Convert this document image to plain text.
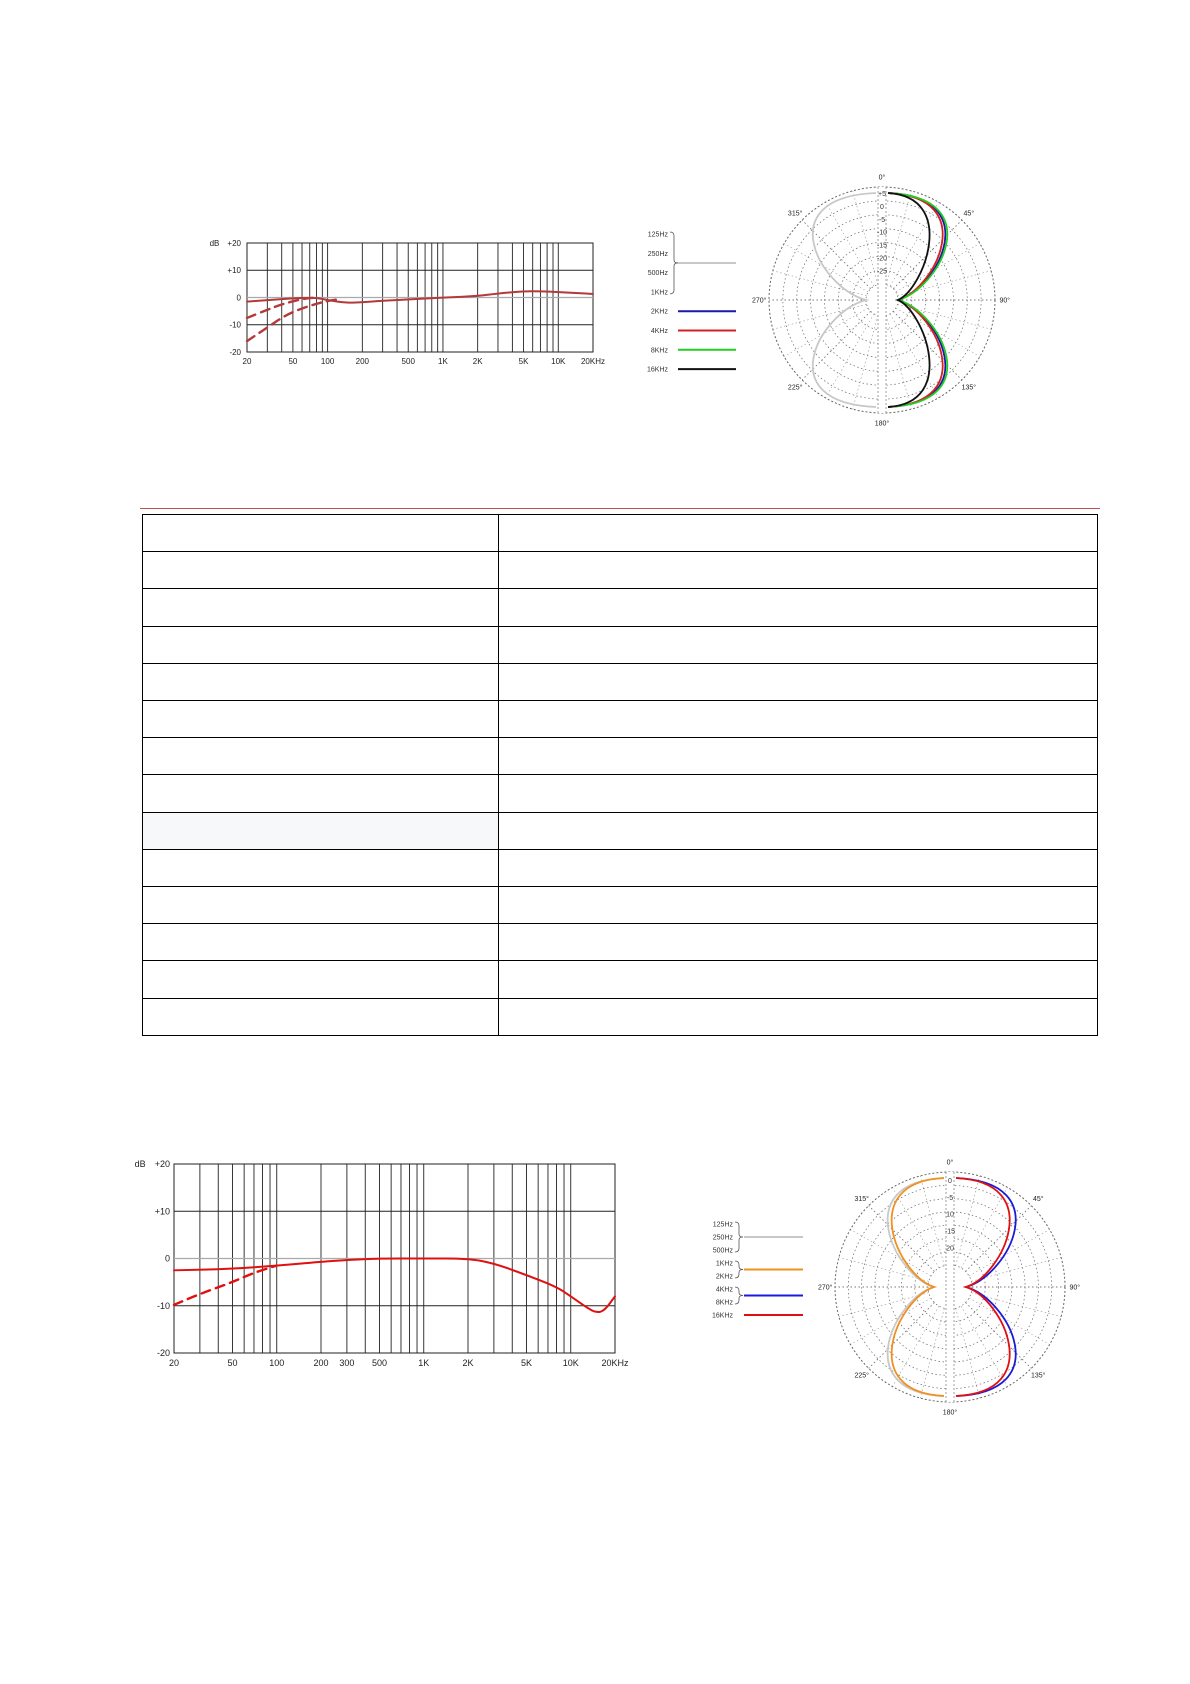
+20
+10
0
-10
-20
dB
20	50	100	200	500	1K	2K	5K	10K 20KHz
0°
45°
90°
135°
180°
225°
270°
315°
+5
0
-5
-10
-15
-20
-25
125Hz
250Hz
500Hz
1KHz
2KHz
4KHz
8KHz
16KHz

+20
+10
0
-10
-20
dB
20	50	100	200 300 500	1K	2K	5K	10K	20KHz
0°
45°
90°
135°
180°
225°
270°
315°
0
-5
10
-15
20
125Hz
250Hz
500Hz
1KHz
2KHz
4KHz
8KHz
16KHz
